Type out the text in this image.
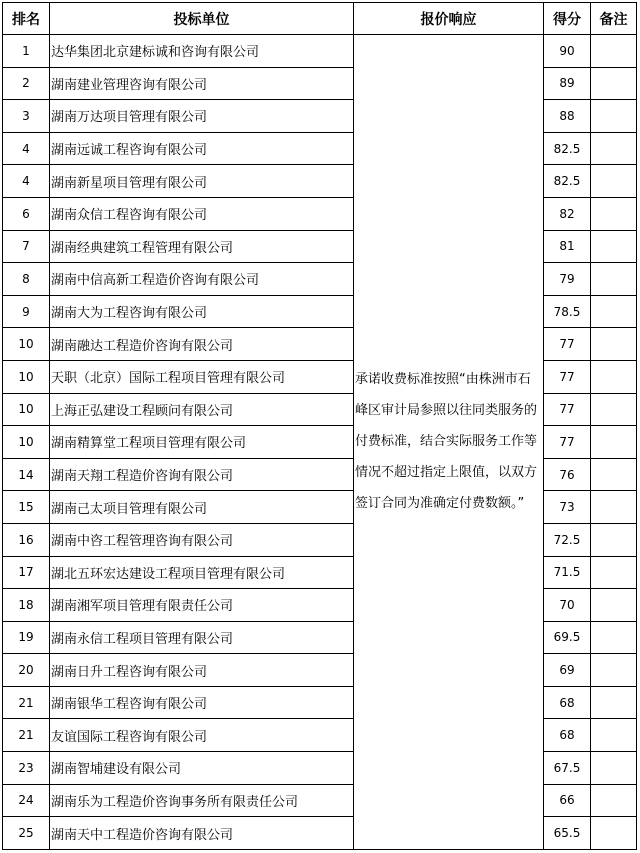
排名	投标单位	报价响应	得分	备注
1	达华集团北京建标诚和咨询有限公司	承诺收费标准按照“由株洲市石峰区审计局参照以往同类服务的付费标准，结合实际服务工作等情况不超过指定上限值，以双方签订合同为准确定付费数额。”	90	
2	湖南建业管理咨询有限公司		89	
3	湖南万达项目管理有限公司		88	
4	湖南远诚工程咨询有限公司		82.5	
4	湖南新星项目管理有限公司		82.5	
6	湖南众信工程咨询有限公司		82	
7	湖南经典建筑工程管理有限公司		81	
8	湖南中信高新工程造价咨询有限公司		79	
9	湖南大为工程咨询有限公司		78.5	
10	湖南融达工程造价咨询有限公司		77	
10	天职（北京）国际工程项目管理有限公司		77	
10	上海正弘建设工程顾问有限公司		77	
10	湖南精算堂工程项目管理有限公司		77	
14	湖南天翔工程造价咨询有限公司		76	
15	湖南己太项目管理有限公司		73	
16	湖南中咨工程管理咨询有限公司		72.5	
17	湖北五环宏达建设工程项目管理有限公司		71.5	
18	湖南湘军项目管理有限责任公司		70	
19	湖南永信工程项目管理有限公司		69.5	
20	湖南日升工程咨询有限公司		69	
21	湖南银华工程咨询有限公司		68	
21	友谊国际工程咨询有限公司		68	
23	湖南智埔建设有限公司		67.5	
24	湖南乐为工程造价咨询事务所有限责任公司		66	
25	湖南天中工程造价咨询有限公司		65.5	
